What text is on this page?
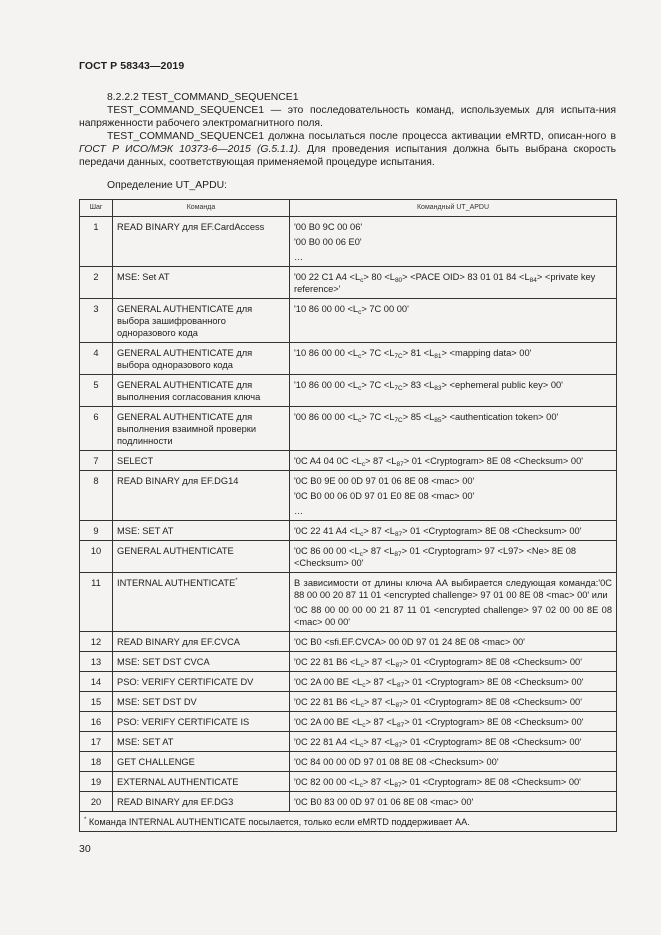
ГОСТ Р 58343—2019
8.2.2.2 TEST_COMMAND_SEQUENCE1
TEST_COMMAND_SEQUENCE1 — это последовательность команд, используемых для испыта-ния напряженности рабочего электромагнитного поля.
TEST_COMMAND_SEQUENCE1 должна посылаться после процесса активации eMRTD, описан-ного в ГОСТ Р ИСО/МЭК 10373-6—2015 (G.5.1.1). Для проведения испытания должна быть выбрана скорость передачи данных, соответствующая применяемой процедуре испытания.
Определение UT_APDU:
Шаг	Команда	Командный UT_APDU
1	READ BINARY для EF.CardAccess	'00 B0 9C 00 06'
'00 B0 00 06 E0'
…

2	MSE: Set AT	'00 22 C1 $A4 <L_c> 80 <L_{80}>$ <PACE OID> 83 01 01 $84 <L_{84}>$ <private key reference>'

3	GENERAL AUTHENTICATE для выбора зашифрованного одноразового кода	'10 86 00 $00 <L_c> 7C$ 00 00'

4	GENERAL AUTHENTICATE для выбора одноразового кода	'10 86 00 $00 <L_c> 7C <L_{7C}> 81 <L_{81}>$ <mapping data> 00'

5	GENERAL AUTHENTICATE для выполнения согласования ключа	'10 86 00 $00 <L_c> 7C <L_{7C}> 83 <L_{83}>$ <ephemeral public key> 00'

6	GENERAL AUTHENTICATE для выполнения взаимной проверки подлинности	'00 86 00 $00 <L_c> 7C <L_{7C}> 85 <L_{85}>$ <authentication token> 00'

7	SELECT	'0C A4 04 $0C <L_c> 87 <L_{87}> 01$ <Cryptogram> 8E 08 <Checksum> 00'

8	READ BINARY для EF.DG14	'0C B0 9E 00 0D 97 01 06 8E 08 <mac> 00'
'0C B0 00 06 0D 97 01 E0 8E 08 <mac> 00'
…

9	MSE: SET AT	'0C 22 41 $A4 <L_c> 87 <L_{87}> 01$ <Cryptogram> 8E 08 <Checksum> 00'

10	GENERAL AUTHENTICATE	'0C 86 00 $00 <L_c> 87 <L_{87}> 01$ <Cryptogram> 97 <L97> <Ne> 8E 08 <Checksum> 00'

11	INTERNAL AUTHENTICATE*	В зависимости от длины ключа АА выбирается следующая команда:'0C 88 00 00 20 87 11 01 <encrypted challenge> 97 01 00 8E 08 <mac> 00' или
'0C 88 00 00 00 00 21 87 11 01 <encrypted challenge> 97 02 00 00 8E 08 <mac> 00 00'

12	READ BINARY для EF.CVCA	'0C B0 <sfi.EF.CVCA> 00 0D 97 01 24 8E 08 <mac> 00'

13	MSE: SET DST CVCA	'0C 22 81 $B6 <L_c> 87 <L_{87}> 01$ <Cryptogram> 8E 08 <Checksum> 00'

14	PSO: VERIFY CERTIFICATE DV	'0C 2A 00 BE $<L_c> 87 <L_{87}> 01$ <Cryptogram> 8E 08 <Checksum> 00'

15	MSE: SET DST DV	'0C 22 81 $B6 <L_c> 87 <L_{87}> 01$ <Cryptogram> 8E 08 <Checksum> 00'

16	PSO: VERIFY CERTIFICATE IS	'0C 2A 00 BE $<L_c> 87 <L_{87}> 01$ <Cryptogram> 8E 08 <Checksum> 00'

17	MSE: SET AT	'0C 22 81 $A4 <L_c> 87 <L_{87}> 01$ <Cryptogram> 8E 08 <Checksum> 00'

18	GET CHALLENGE	'0C 84 00 00 0D 97 01 08 8E 08 <Checksum> 00'

19	EXTERNAL AUTHENTICATE	'0C 82 00 $00 <L_c> 87 <L_{87}> 01$ <Cryptogram> 8E 08 <Checksum> 00'

20	READ BINARY для EF.DG3	'0C B0 83 00 0D 97 01 06 8E 08 <mac> 00'

* Команда INTERNAL AUTHENTICATE посылается, только если eMRTD поддерживает АА.		
30
